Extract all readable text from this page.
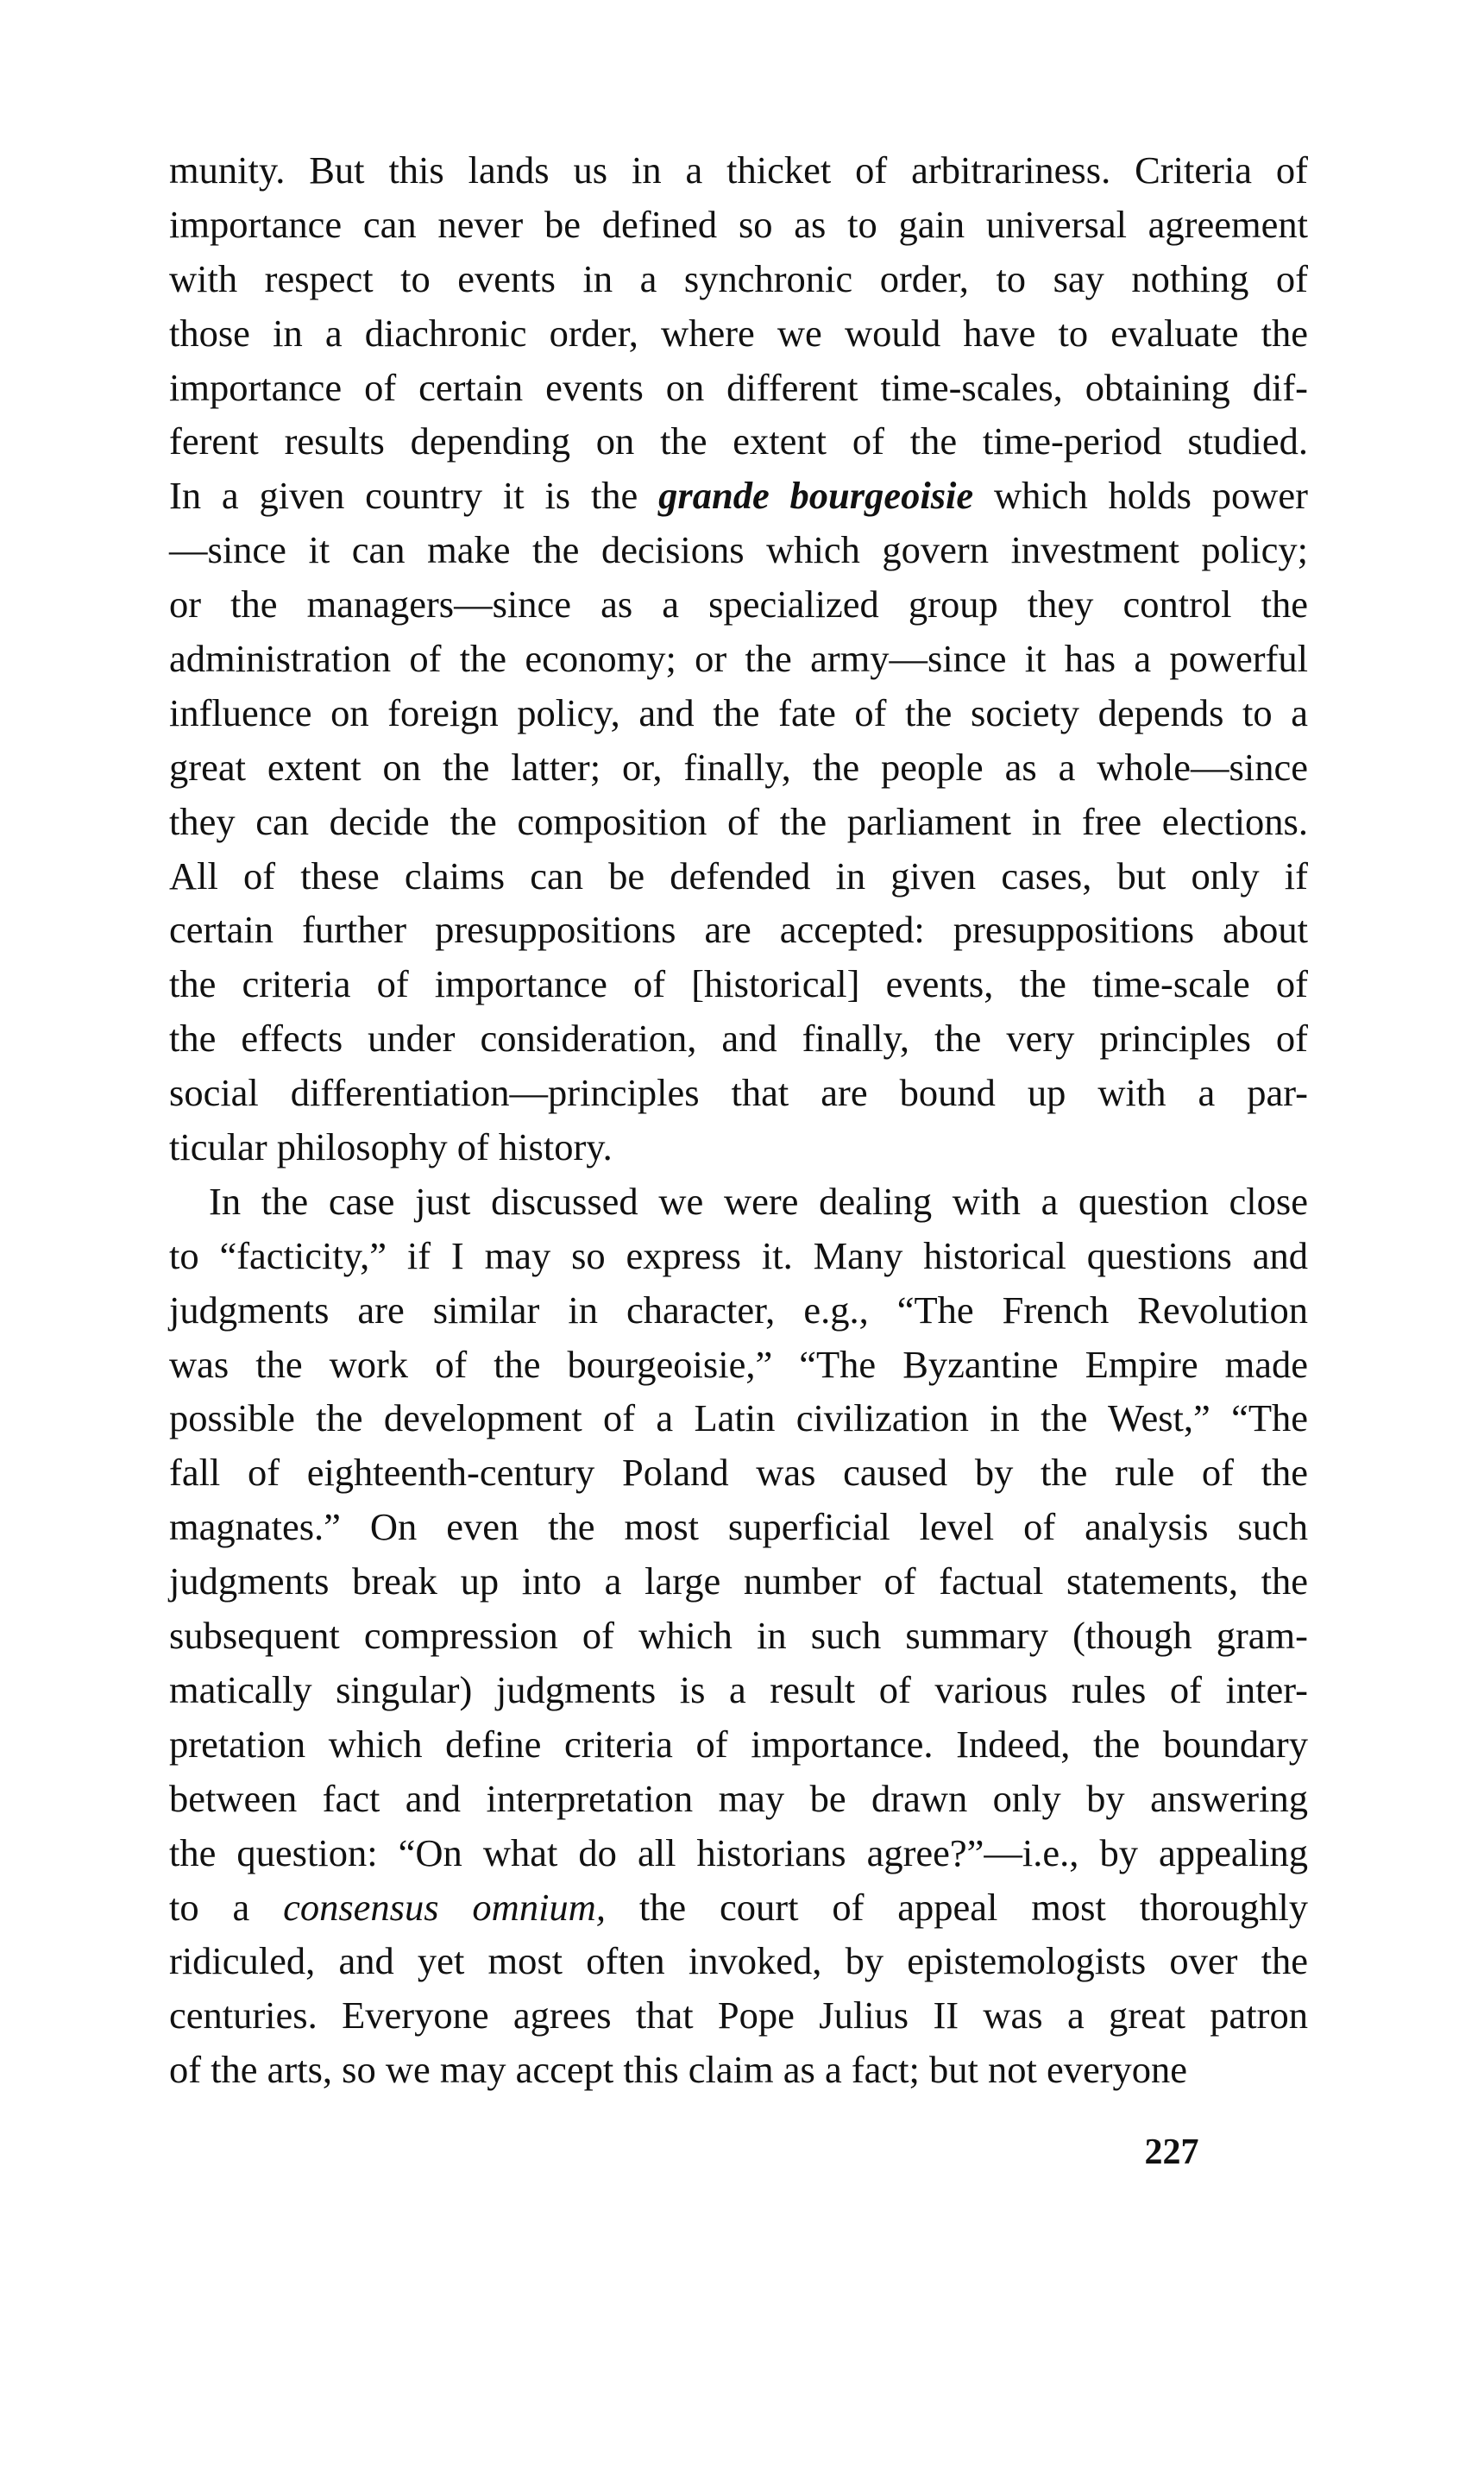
munity. But this lands us in a thicket of arbitrariness. Criteria of
importance can never be defined so as to gain universal agreement
with respect to events in a synchronic order, to say nothing of
those in a diachronic order, where we would have to evaluate the
importance of certain events on different time-scales, obtaining dif-
ferent results depending on the extent of the time-period studied.
In a given country it is the grande bourgeoisie which holds power
—since it can make the decisions which govern investment policy;
or the managers—since as a specialized group they control the
administration of the economy; or the army—since it has a powerful
influence on foreign policy, and the fate of the society depends to a
great extent on the latter; or, finally, the people as a whole—since
they can decide the composition of the parliament in free elections.
All of these claims can be defended in given cases, but only if
certain further presuppositions are accepted: presuppositions about
the criteria of importance of [historical] events, the time-scale of
the effects under consideration, and finally, the very principles of
social differentiation—principles that are bound up with a par-
ticular philosophy of history.
In the case just discussed we were dealing with a question close
to “facticity,” if I may so express it. Many historical questions and
judgments are similar in character, e.g., “The French Revolution
was the work of the bourgeoisie,” “The Byzantine Empire made
possible the development of a Latin civilization in the West,” “The
fall of eighteenth-century Poland was caused by the rule of the
magnates.” On even the most superficial level of analysis such
judgments break up into a large number of factual statements, the
subsequent compression of which in such summary (though gram-
matically singular) judgments is a result of various rules of inter-
pretation which define criteria of importance. Indeed, the boundary
between fact and interpretation may be drawn only by answering
the question: “On what do all historians agree?”—i.e., by appealing
to a consensus omnium, the court of appeal most thoroughly
ridiculed, and yet most often invoked, by epistemologists over the
centuries. Everyone agrees that Pope Julius II was a great patron
of the arts, so we may accept this claim as a fact; but not everyone
227
